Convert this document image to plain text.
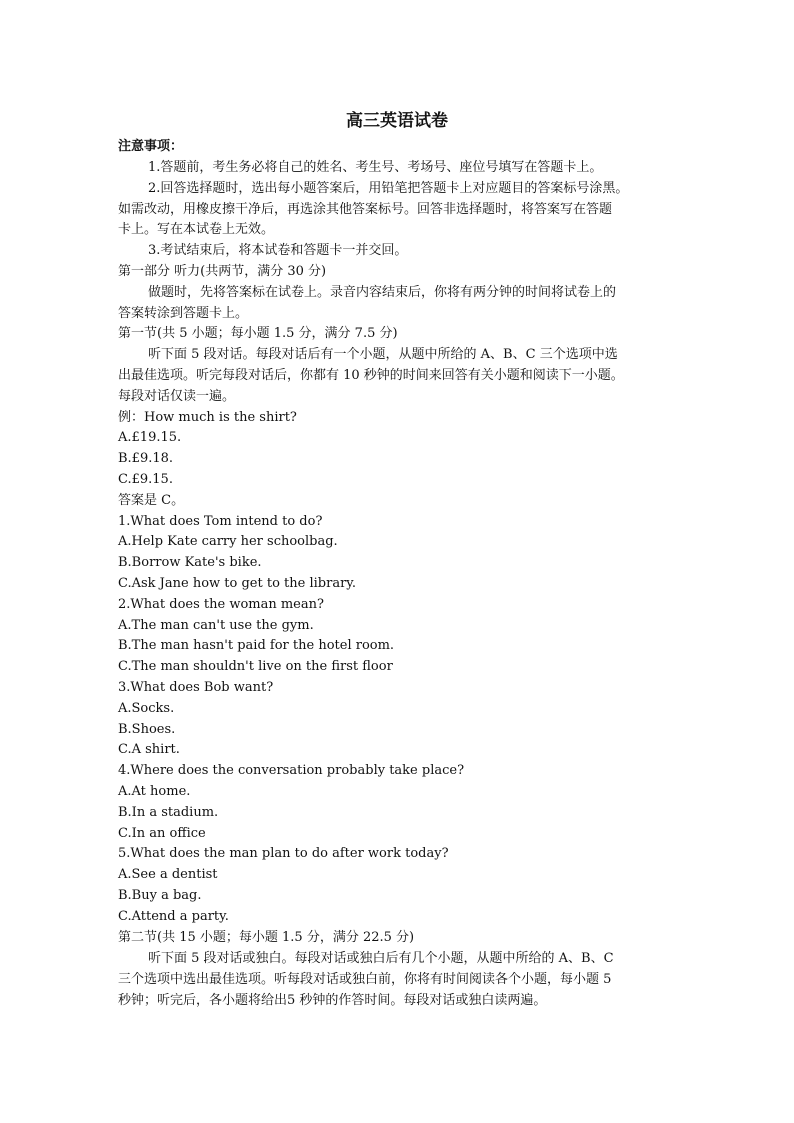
高三英语试卷
注意事项：
1.答题前，考生务必将自己的姓名、考生号、考场号、座位号填写在答题卡上。
2.回答选择题时，选出每小题答案后，用铅笔把答题卡上对应题目的答案标号涂黑。
如需改动，用橡皮擦干净后，再选涂其他答案标号。回答非选择题时，将答案写在答题
卡上。写在本试卷上无效。
3.考试结束后，将本试卷和答题卡一并交回。
第一部分 听力(共两节，满分 30 分)
做题时，先将答案标在试卷上。录音内容结束后，你将有两分钟的时间将试卷上的
答案转涂到答题卡上。
第一节(共 5 小题；每小题 1.5 分，满分 7.5 分)
听下面 5 段对话。每段对话后有一个小题，从题中所给的 A、B、C 三个选项中选
出最佳选项。听完每段对话后，你都有 10 秒钟的时间来回答有关小题和阅读下一小题。
每段对话仅读一遍。
例：How much is the shirt?
A.£19.15.
B.£9.18.
C.£9.15.
答案是 C。
1.What does Tom intend to do?
A.Help Kate carry her schoolbag.
B.Borrow Kate's bike.
C.Ask Jane how to get to the library.
2.What does the woman mean?
A.The man can't use the gym.
B.The man hasn't paid for the hotel room.
C.The man shouldn't live on the first floor
3.What does Bob want?
A.Socks.
B.Shoes.
C.A shirt.
4.Where does the conversation probably take place?
A.At home.
B.In a stadium.
C.In an office
5.What does the man plan to do after work today?
A.See a dentist
B.Buy a bag.
C.Attend a party.
第二节(共 15 小题；每小题 1.5 分，满分 22.5 分)
听下面 5 段对话或独白。每段对话或独白后有几个小题，从题中所给的 A、B、C
三个选项中选出最佳选项。听每段对话或独白前，你将有时间阅读各个小题，每小题 5
秒钟；听完后，各小题将给出5 秒钟的作答时间。每段对话或独白读两遍。
